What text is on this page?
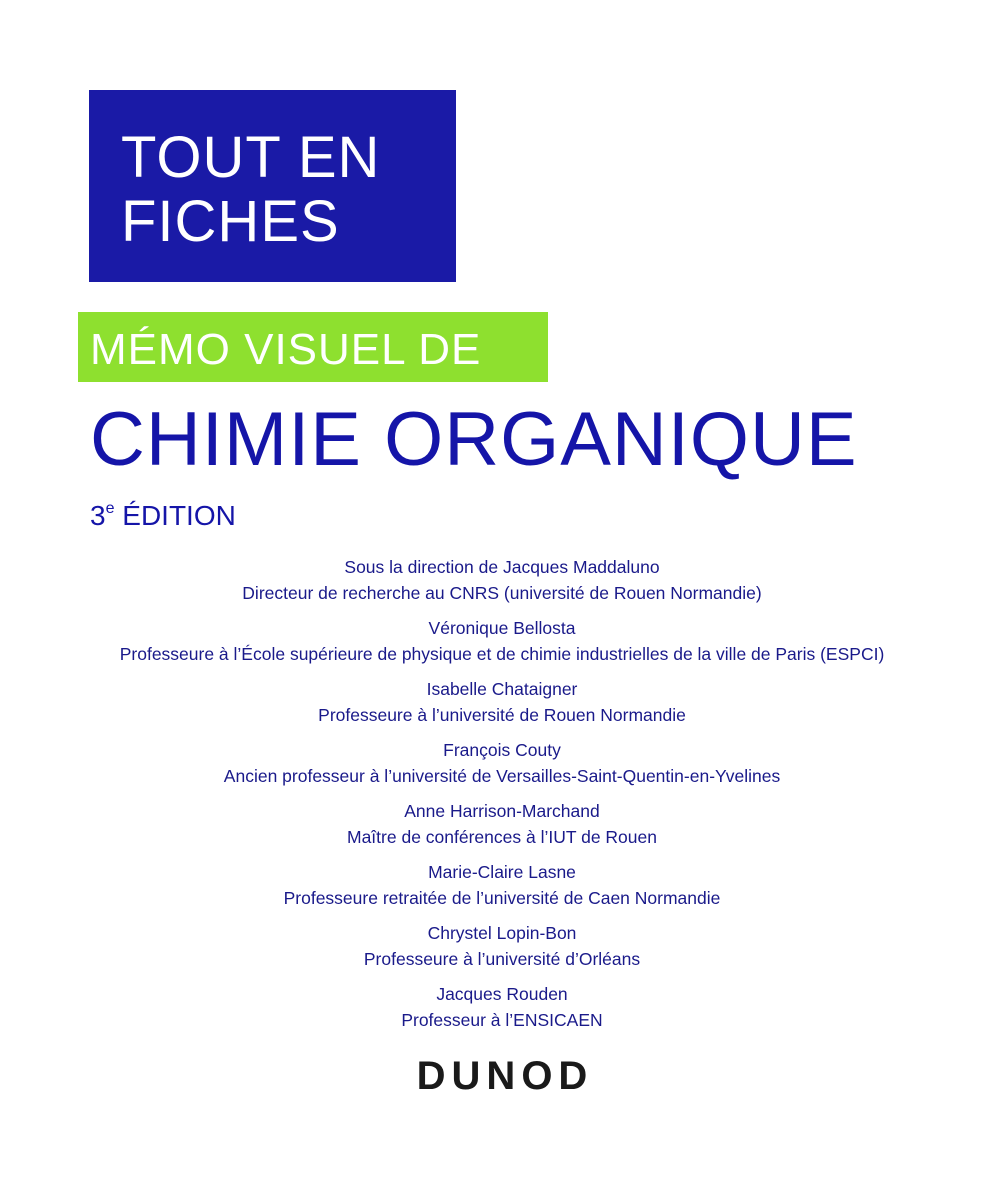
TOUT EN
FICHES
MÉMO VISUEL DE
CHIMIE ORGANIQUE
3e ÉDITION
Sous la direction de Jacques Maddaluno
Directeur de recherche au CNRS (université de Rouen Normandie)
Véronique Bellosta
Professeure à l’École supérieure de physique et de chimie industrielles de la ville de Paris (ESPCI)
Isabelle Chataigner
Professeure à l’université de Rouen Normandie
François Couty
Ancien professeur à l’université de Versailles-Saint-Quentin-en-Yvelines
Anne Harrison-Marchand
Maître de conférences à l’IUT de Rouen
Marie-Claire Lasne
Professeure retraitée de l’université de Caen Normandie
Chrystel Lopin-Bon
Professeure à l’université d’Orléans
Jacques Rouden
Professeur à l’ENSICAEN
DUNOD
